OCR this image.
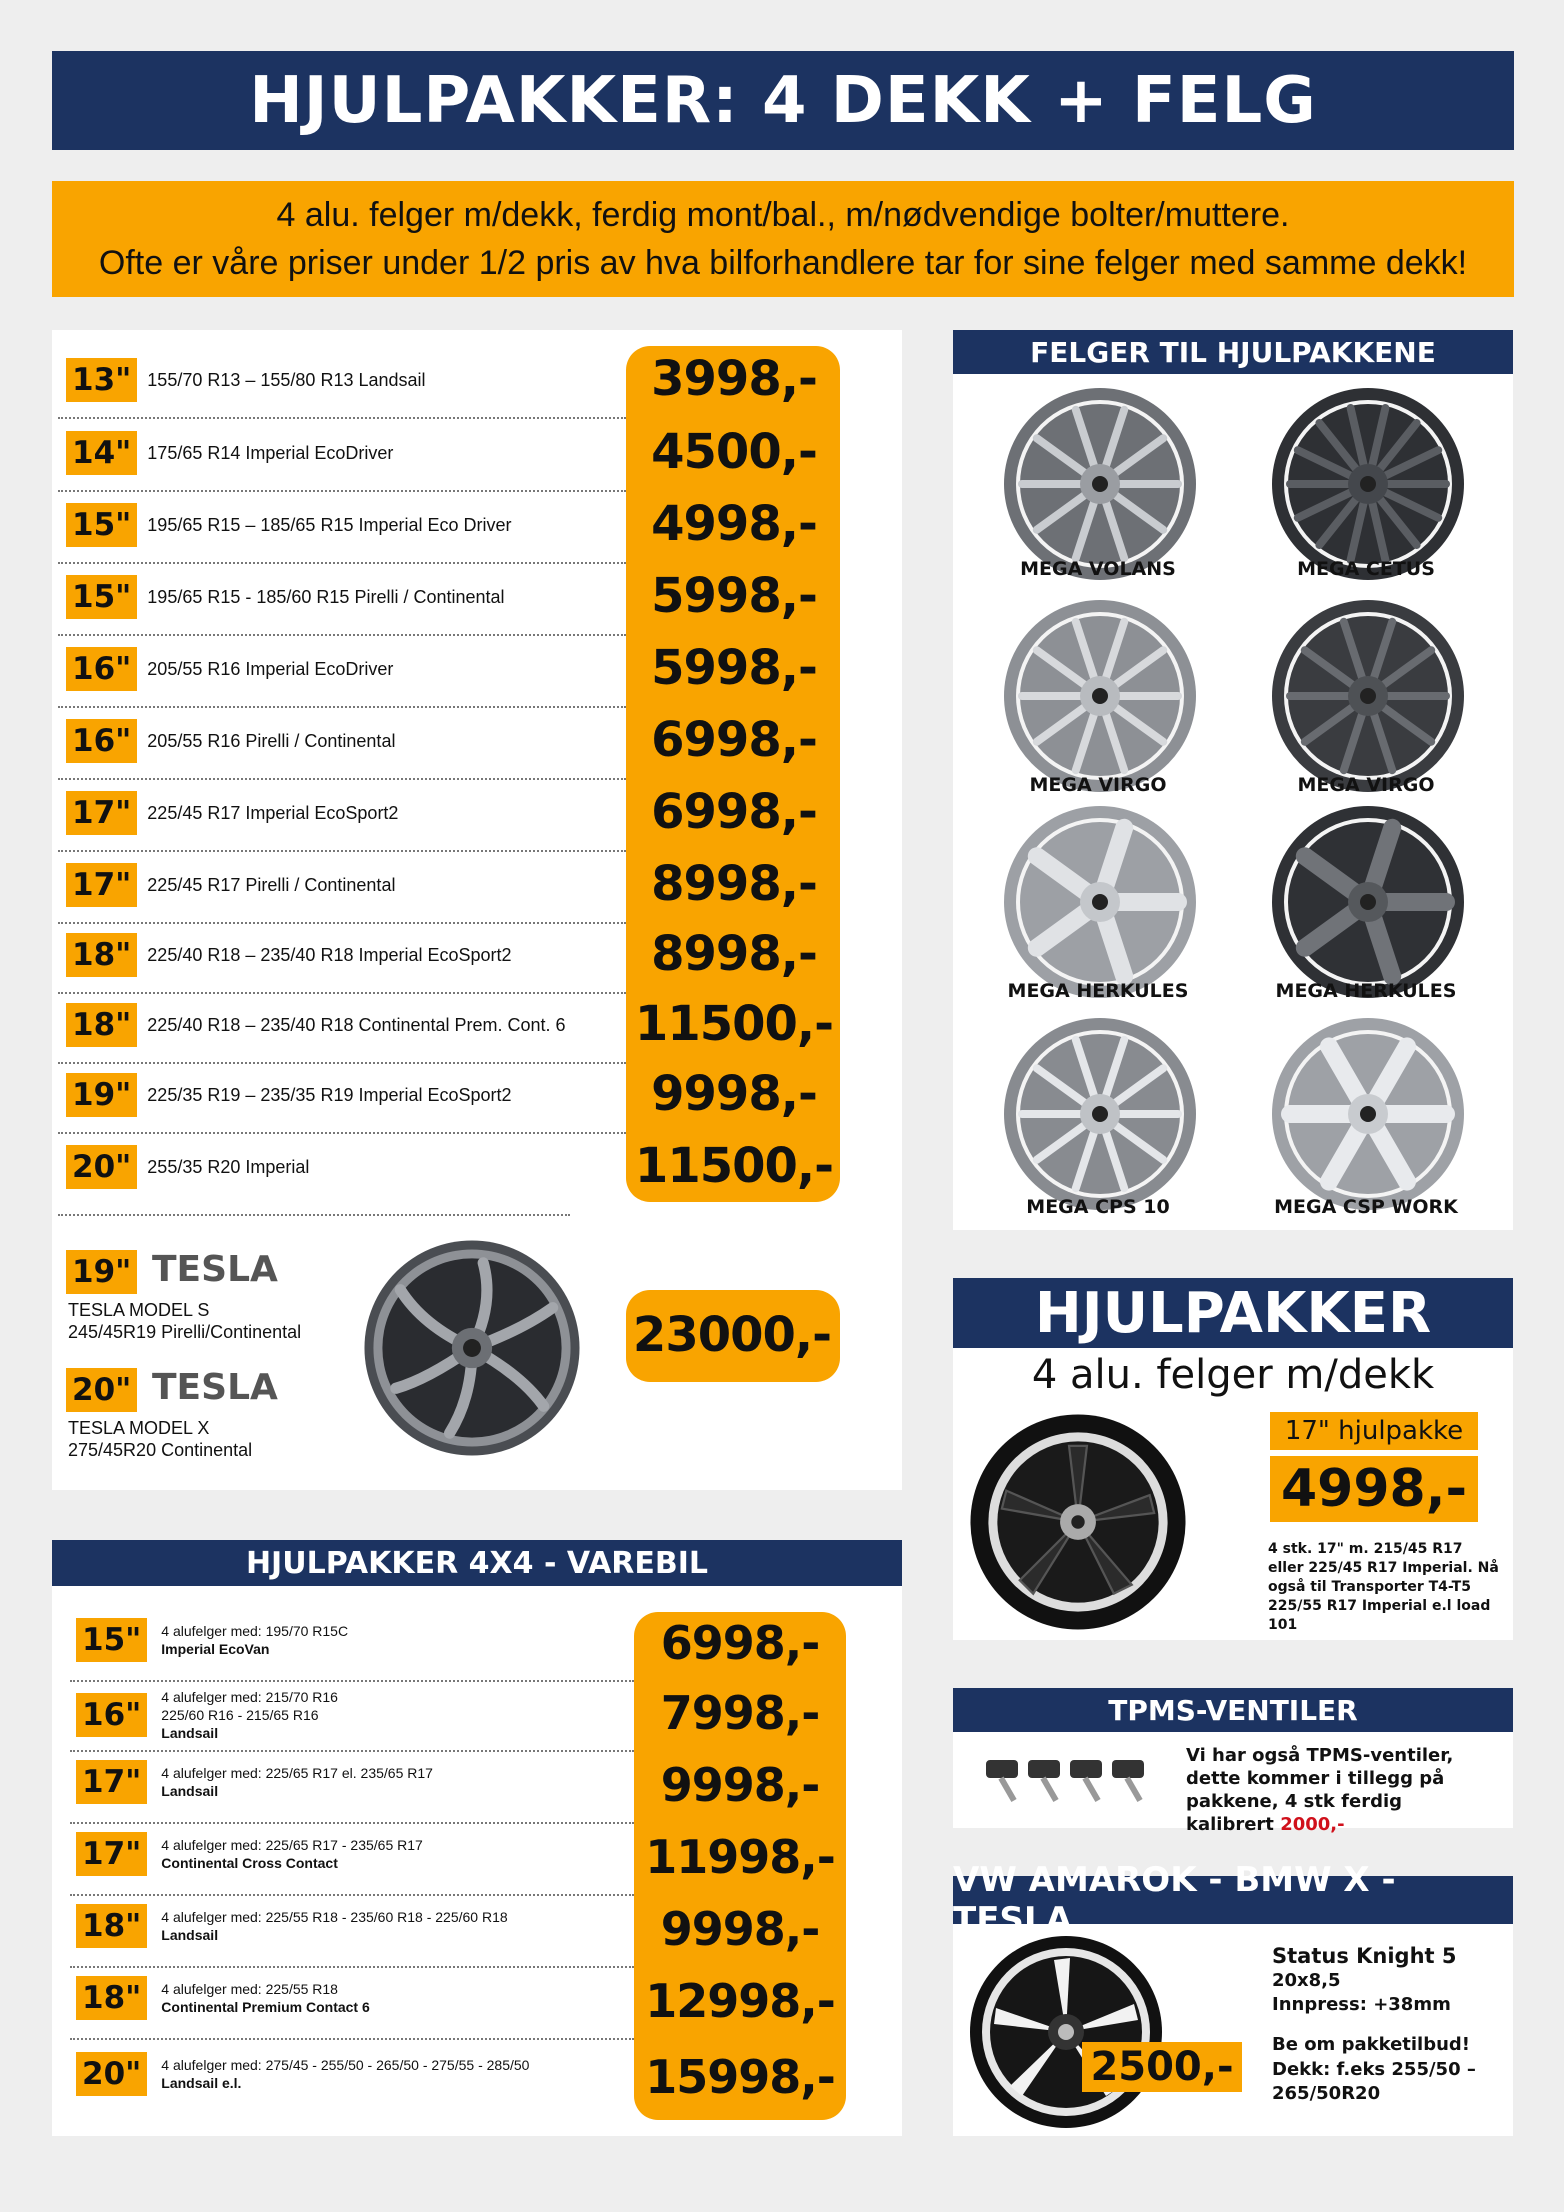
HJULPAKKER: 4 DEKK + FELG
4 alu. felger m/dekk, ferdig mont/bal., m/nødvendige bolter/muttere.
Ofte er våre priser under 1/2 pris av hva bilforhandlere tar for sine felger med samme dekk!
13" 155/70 R13 – 155/80 R13 Landsail	3998,-
14" 175/65 R14 Imperial EcoDriver	4500,-
15" 195/65 R15 – 185/65 R15 Imperial Eco Driver	4998,-
15" 195/65 R15 - 185/60 R15 Pirelli / Continental	5998,-
16" 205/55 R16 Imperial EcoDriver	5998,-
16" 205/55 R16 Pirelli / Continental	6998,-
17" 225/45 R17 Imperial EcoSport2	6998,-
17" 225/45 R17 Pirelli / Continental	8998,-
18" 225/40 R18 – 235/40 R18 Imperial EcoSport2	8998,-
18" 225/40 R18 – 235/40 R18 Continental Prem. Cont. 6 11500,-
19" 225/35 R19 – 235/35 R19 Imperial EcoSport2	9998,-
20" 255/35 R20 Imperial	11500,-
19" TESLA
TESLA MODEL S
245/45R19 Pirelli/Continental
20" TESLA
TESLA MODEL X
275/45R20 Continental
23000,-
FELGER TIL HJULPAKKENE
MEGA VOLANS	MEGA CETUS
MEGA VIRGO	MEGA VIRGO
MEGA HERKULES	MEGA HERKULES
MEGA CPS 10	MEGA CSP WORK
HJULPAKKER
4 alu. felger m/dekk
17" hjulpakke
4998,-
4 stk. 17" m. 215/45 R17 eller 225/45 R17 Imperial. Nå også til Transporter T4-T5 225/55 R17 Imperial e.l load 101
HJULPAKKER 4X4 - VAREBIL
15"	4 alufelger med: 195/70 R15C
Imperial EcoVan	6998,-
16"	4 alufelger med: 215/70 R16
225/60 R16 - 215/65 R16
Landsail	7998,-
17"	4 alufelger med: 225/65 R17 el. 235/65 R17
Landsail	9998,-
17"	4 alufelger med: 225/65 R17 - 235/65 R17
Continental Cross Contact	11998,-
18"	4 alufelger med: 225/55 R18 - 235/60 R18 - 225/60 R18
Landsail	9998,-
18"	4 alufelger med: 225/55 R18
Continental Premium Contact 6	12998,-
20"	4 alufelger med: 275/45 - 255/50 - 265/50 - 275/55 - 285/50
Landsail e.l.	15998,-
TPMS-VENTILER
Vi har også TPMS-ventiler, dette kommer i tillegg på pakkene, 4 stk ferdig kalibrert 2000,-
VW AMAROK - BMW X - TESLA
2500,-
Status Knight 5
20x8,5
Innpress: +38mm
Be om pakketilbud!
Dekk: f.eks 255/50 – 265/50R20
